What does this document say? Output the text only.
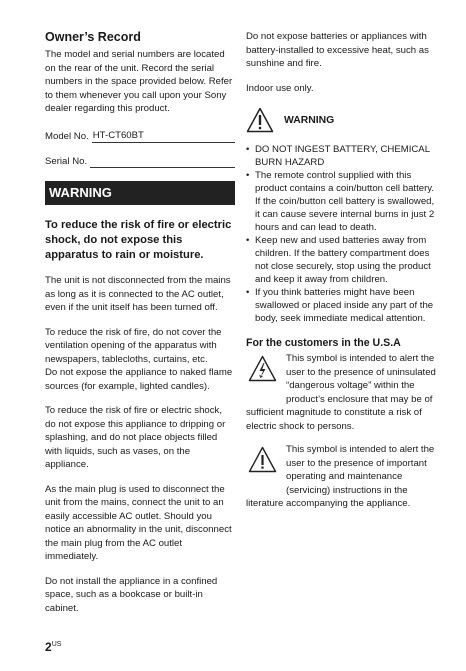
Owner’s Record

The model and serial numbers are located on the rear of the unit. Record the serial numbers in the space provided below. Refer to them whenever you call upon your Sony dealer regarding this product.

Model No. HT-CT60BT
Serial No.
WARNING
To reduce the risk of fire or electric shock, do not expose this apparatus to rain or moisture.

The unit is not disconnected from the mains as long as it is connected to the AC outlet, even if the unit itself has been turned off.

To reduce the risk of fire, do not cover the ventilation opening of the apparatus with newspapers, tablecloths, curtains, etc.

Do not expose the appliance to naked flame sources (for example, lighted candles).

To reduce the risk of fire or electric shock, do not expose this appliance to dripping or splashing, and do not place objects filled with liquids, such as vases, on the appliance.

As the main plug is used to disconnect the unit from the mains, connect the unit to an easily accessible AC outlet. Should you notice an abnormality in the unit, disconnect the main plug from the AC outlet immediately.

Do not install the appliance in a confined space, such as a bookcase or built-in cabinet.

Do not expose batteries or appliances with battery-installed to excessive heat, such as sunshine and fire.

Indoor use only.

WARNING
• DO NOT INGEST BATTERY, CHEMICAL BURN HAZARD
• The remote control supplied with this product contains a coin/button cell battery. If the coin/button cell battery is swallowed, it can cause severe internal burns in just 2 hours and can lead to death.
• Keep new and used batteries away from children. If the battery compartment does not close securely, stop using the product and keep it away from children.
• If you think batteries might have been swallowed or placed inside any part of the body, seek immediate medical attention.
For the customers in the U.S.A

This symbol is intended to alert the user to the presence of uninsulated “dangerous voltage” within the product’s enclosure that may be of sufficient magnitude to constitute a risk of electric shock to persons.

This symbol is intended to alert the user to the presence of important operating and maintenance (servicing) instructions in the literature accompanying the appliance.

$2^{US}$
